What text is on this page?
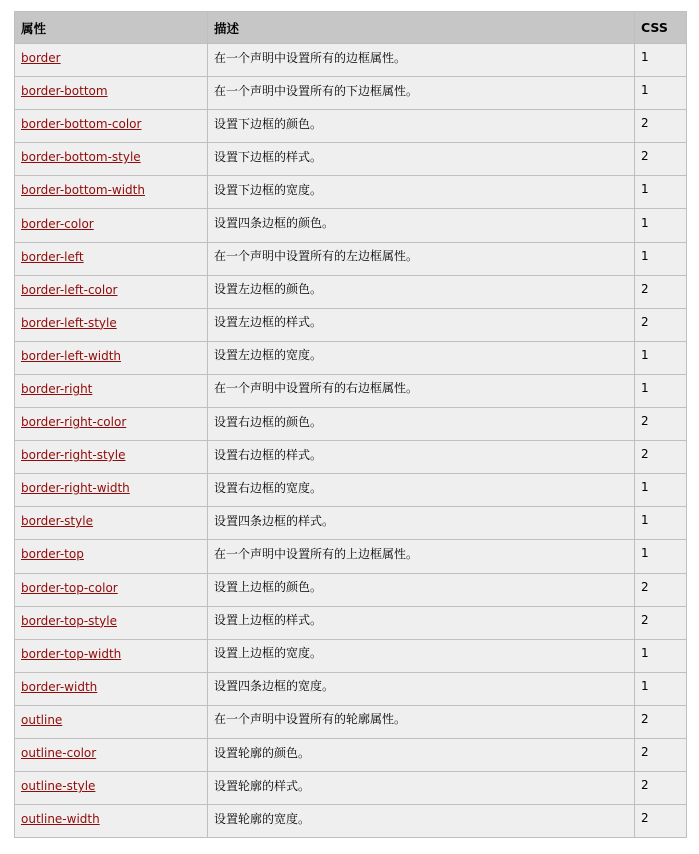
属性	描述	CSS
border	在一个声明中设置所有的边框属性。	1
border-bottom	在一个声明中设置所有的下边框属性。	1
border-bottom-color	设置下边框的颜色。	2
border-bottom-style	设置下边框的样式。	2
border-bottom-width	设置下边框的宽度。	1
border-color	设置四条边框的颜色。	1
border-left	在一个声明中设置所有的左边框属性。	1
border-left-color	设置左边框的颜色。	2
border-left-style	设置左边框的样式。	2
border-left-width	设置左边框的宽度。	1
border-right	在一个声明中设置所有的右边框属性。	1
border-right-color	设置右边框的颜色。	2
border-right-style	设置右边框的样式。	2
border-right-width	设置右边框的宽度。	1
border-style	设置四条边框的样式。	1
border-top	在一个声明中设置所有的上边框属性。	1
border-top-color	设置上边框的颜色。	2
border-top-style	设置上边框的样式。	2
border-top-width	设置上边框的宽度。	1
border-width	设置四条边框的宽度。	1
outline	在一个声明中设置所有的轮廓属性。	2
outline-color	设置轮廓的颜色。	2
outline-style	设置轮廓的样式。	2
outline-width	设置轮廓的宽度。	2
